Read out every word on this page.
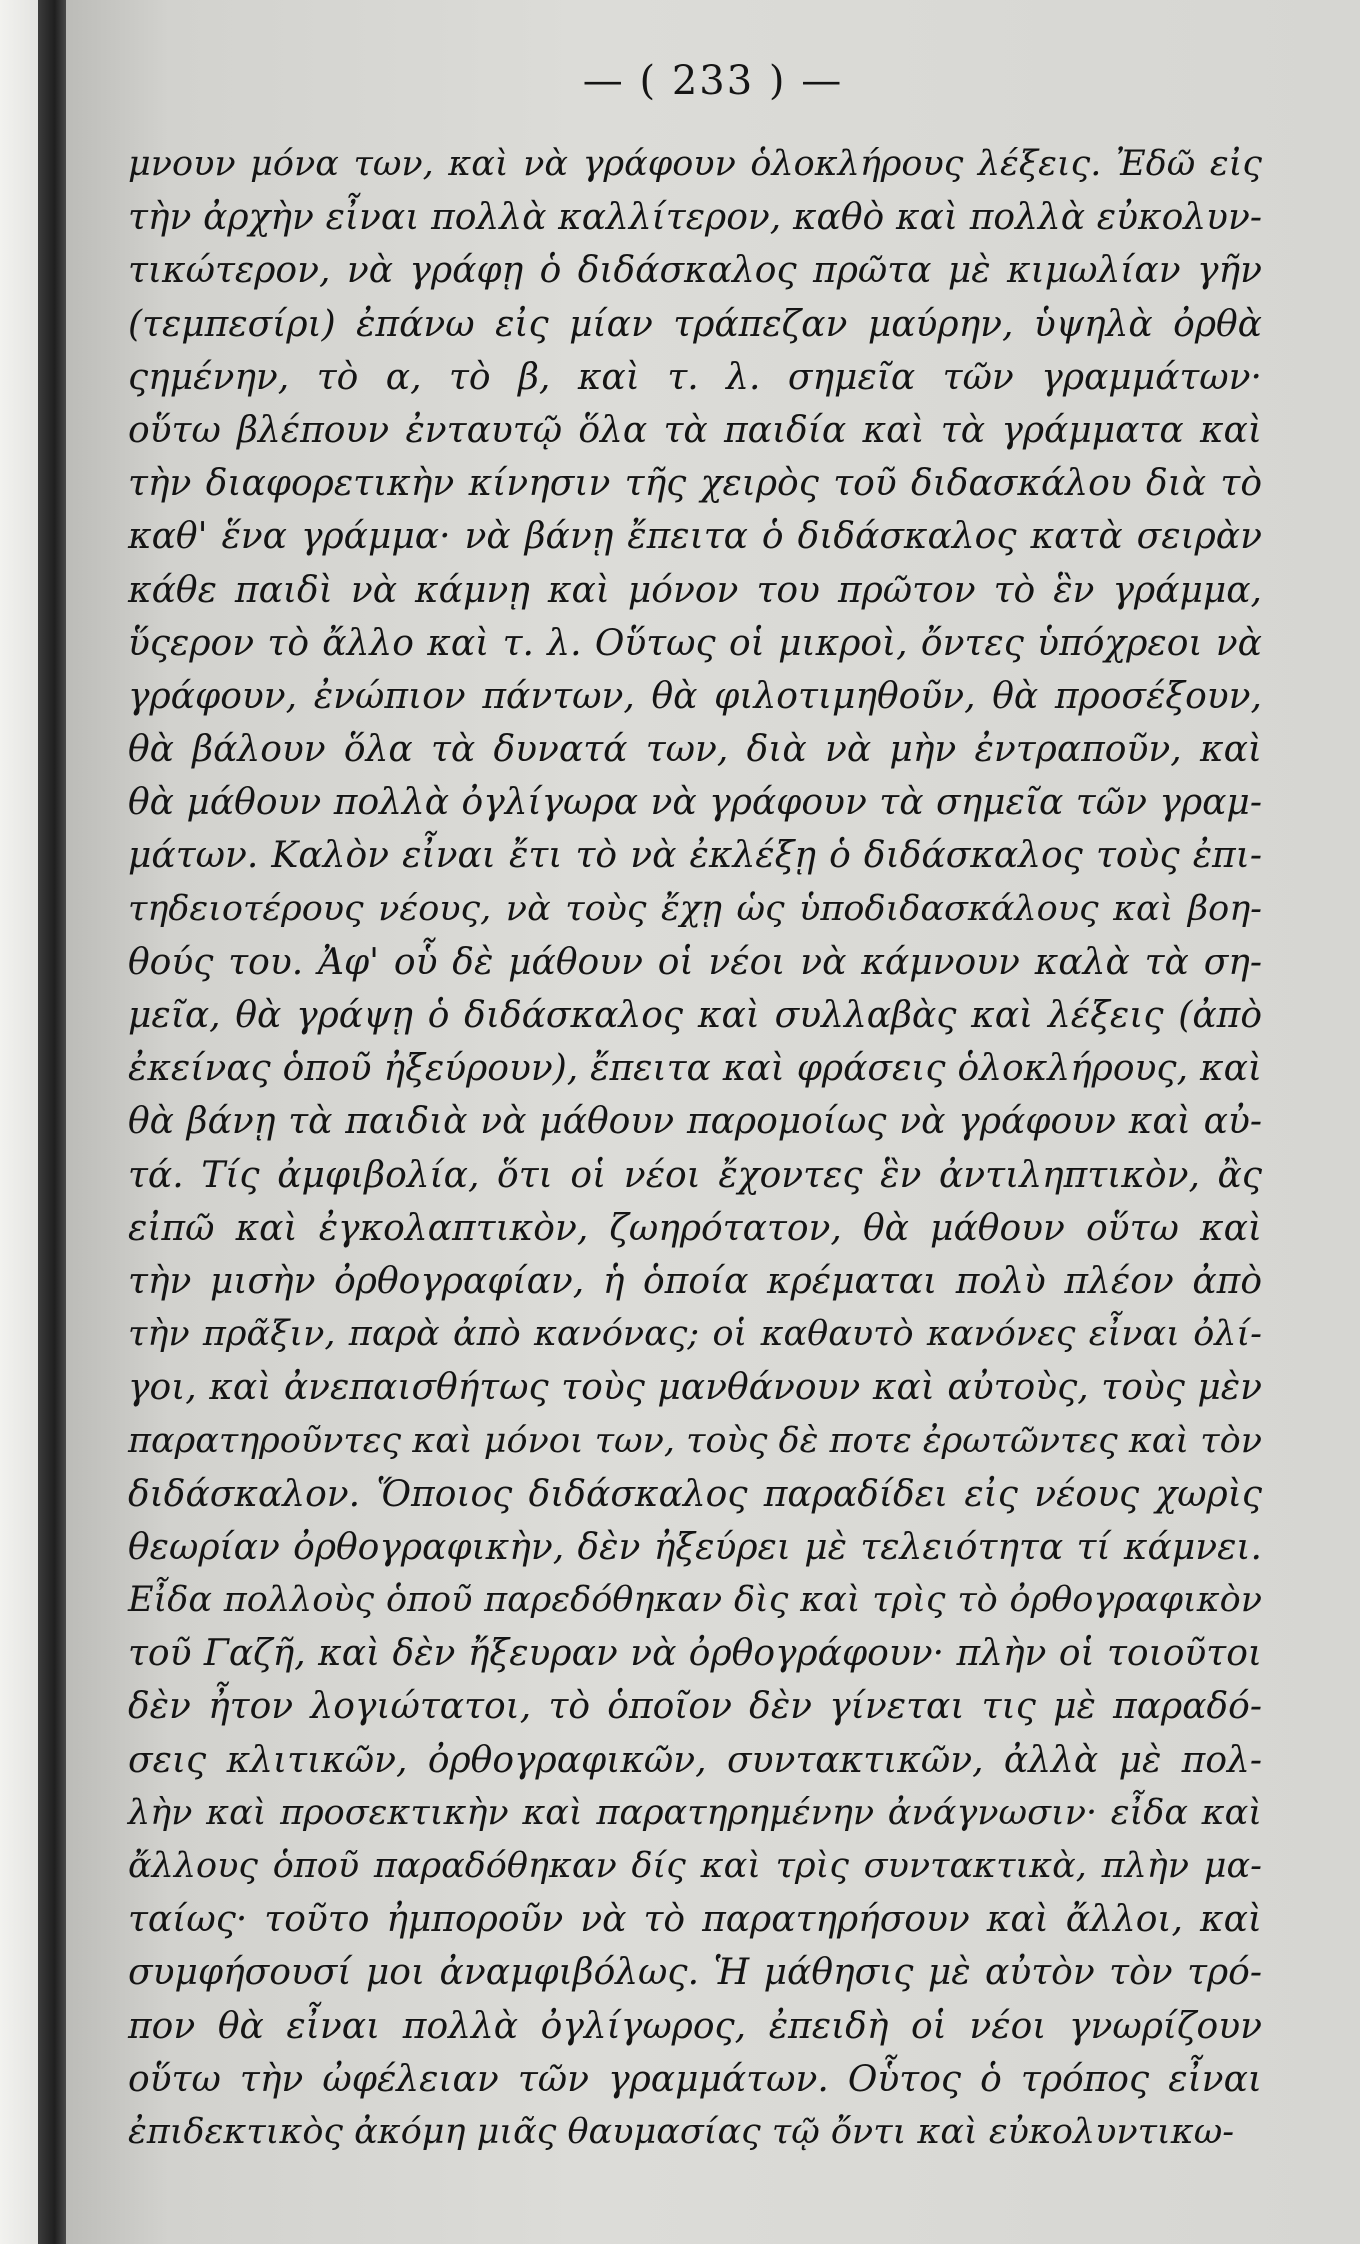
— ( 233 ) —
μνουν μόνα των, καὶ νὰ γράφουν ὁλοκλήρους λέξεις. Ἐδῶ εἰς
τὴν ἀρχὴν εἶναι πολλὰ καλλίτερον, καθὸ καὶ πολλὰ εὐκολυν-
τικώτερον, νὰ γράφῃ ὁ διδάσκαλος πρῶτα μὲ κιμωλίαν γῆν
(τεμπεσίρι) ἐπάνω εἰς μίαν τράπεζαν μαύρην, ὑψηλὰ ὀρθὰ
ςημένην, τὸ α, τὸ β, καὶ τ. λ. σημεῖα τῶν γραμμάτων·
οὕτω βλέπουν ἐνταυτῷ ὅλα τὰ παιδία καὶ τὰ γράμματα καὶ
τὴν διαφορετικὴν κίνησιν τῆς χειρὸς τοῦ διδασκάλου διὰ τὸ
καθ' ἕνα γράμμα· νὰ βάνῃ ἔπειτα ὁ διδάσκαλος κατὰ σειρὰν
κάθε παιδὶ νὰ κάμνῃ καὶ μόνον του πρῶτον τὸ ἓν γράμμα,
ὕςερον τὸ ἄλλο καὶ τ. λ. Οὕτως οἱ μικροὶ, ὄντες ὑπόχρεοι νὰ
γράφουν, ἐνώπιον πάντων, θὰ φιλοτιμηθοῦν, θὰ προσέξουν,
θὰ βάλουν ὅλα τὰ δυνατά των, διὰ νὰ μὴν ἐντραποῦν, καὶ
θὰ μάθουν πολλὰ ὀγλίγωρα νὰ γράφουν τὰ σημεῖα τῶν γραμ-
μάτων. Καλὸν εἶναι ἔτι τὸ νὰ ἐκλέξῃ ὁ διδάσκαλος τοὺς ἐπι-
τηδειοτέρους νέους, νὰ τοὺς ἔχῃ ὡς ὑποδιδασκάλους καὶ βοη-
θούς του. Ἀφ' οὗ δὲ μάθουν οἱ νέοι νὰ κάμνουν καλὰ τὰ ση-
μεῖα, θὰ γράψῃ ὁ διδάσκαλος καὶ συλλαβὰς καὶ λέξεις (ἀπὸ
ἐκείνας ὁποῦ ἠξεύρουν), ἔπειτα καὶ φράσεις ὁλοκλήρους, καὶ
θὰ βάνῃ τὰ παιδιὰ νὰ μάθουν παρομοίως νὰ γράφουν καὶ αὐ-
τά. Τίς ἀμφιβολία, ὅτι οἱ νέοι ἔχοντες ἓν ἀντιληπτικὸν, ἂς
εἰπῶ καὶ ἐγκολαπτικὸν, ζωηρότατον, θὰ μάθουν οὕτω καὶ
τὴν μισὴν ὀρθογραφίαν, ἡ ὁποία κρέμαται πολὺ πλέον ἀπὸ
τὴν πρᾶξιν, παρὰ ἀπὸ κανόνας; οἱ καθαυτὸ κανόνες εἶναι ὀλί-
γοι, καὶ ἀνεπαισθήτως τοὺς μανθάνουν καὶ αὐτοὺς, τοὺς μὲν
παρατηροῦντες καὶ μόνοι των, τοὺς δὲ ποτε ἐρωτῶντες καὶ τὸν
διδάσκαλον. Ὅποιος διδάσκαλος παραδίδει εἰς νέους χωρὶς
θεωρίαν ὀρθογραφικὴν, δὲν ἠξεύρει μὲ τελειότητα τί κάμνει.
Εἶδα πολλοὺς ὁποῦ παρεδόθηκαν δὶς καὶ τρὶς τὸ ὀρθογραφικὸν
τοῦ Γαζῆ, καὶ δὲν ἤξευραν νὰ ὀρθογράφουν· πλὴν οἱ τοιοῦτοι
δὲν ἦτον λογιώτατοι, τὸ ὁποῖον δὲν γίνεται τις μὲ παραδό-
σεις κλιτικῶν, ὀρθογραφικῶν, συντακτικῶν, ἀλλὰ μὲ πολ-
λὴν καὶ προσεκτικὴν καὶ παρατηρημένην ἀνάγνωσιν· εἶδα καὶ
ἄλλους ὁποῦ παραδόθηκαν δίς καὶ τρὶς συντακτικὰ, πλὴν μα-
ταίως· τοῦτο ἠμποροῦν νὰ τὸ παρατηρήσουν καὶ ἄλλοι, καὶ
συμφήσουσί μοι ἀναμφιβόλως. Ἡ μάθησις μὲ αὐτὸν τὸν τρό-
πον θὰ εἶναι πολλὰ ὀγλίγωρος, ἐπειδὴ οἱ νέοι γνωρίζουν
οὕτω τὴν ὠφέλειαν τῶν γραμμάτων. Οὗτος ὁ τρόπος εἶναι
ἐπιδεκτικὸς ἀκόμη μιᾶς θαυμασίας τῷ ὄντι καὶ εὐκολυντικω-
